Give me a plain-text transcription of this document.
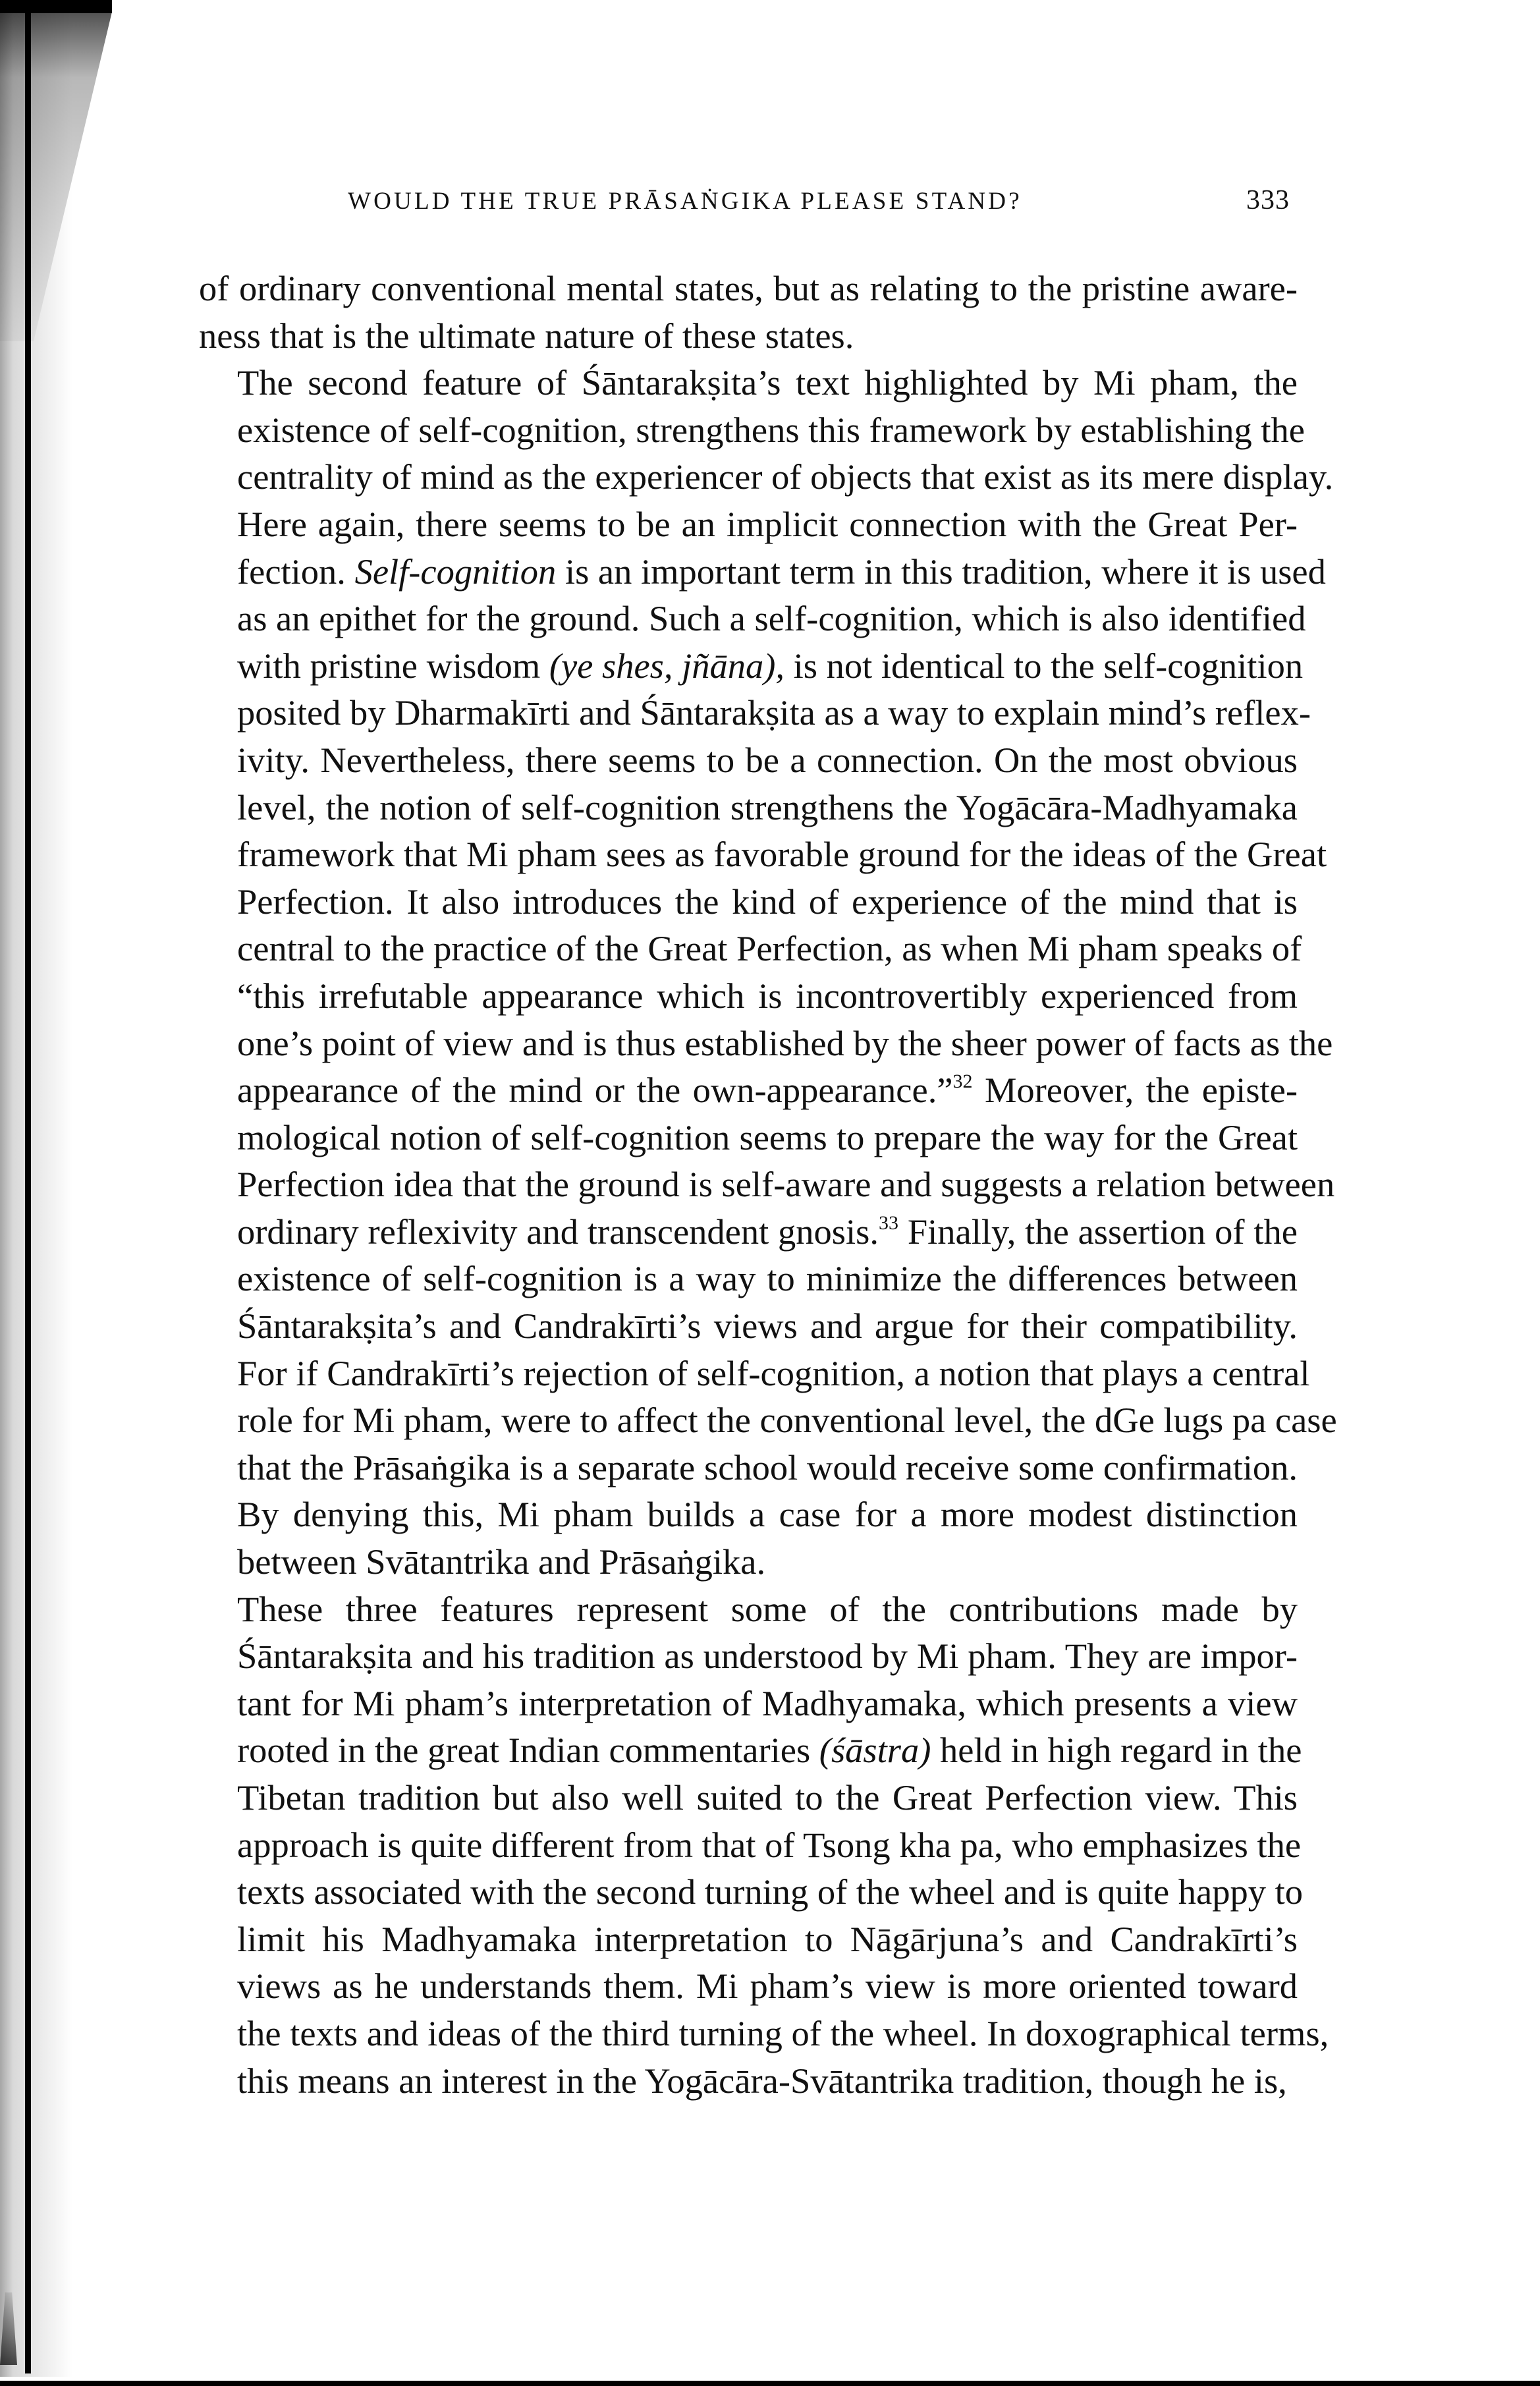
WOULD THE TRUE PRĀSAṄGIKA PLEASE STAND?	333

of ordinary conventional mental states, but as relating to the pristine aware-
ness that is the ultimate nature of these states.

The second feature of Śāntarakṣita’s text highlighted by Mi pham, the
existence of self-cognition, strengthens this framework by establishing the
centrality of mind as the experiencer of objects that exist as its mere display.
Here again, there seems to be an implicit connection with the Great Per-
fection. Self-cognition is an important term in this tradition, where it is used
as an epithet for the ground. Such a self-cognition, which is also identified
with pristine wisdom (ye shes, jñāna), is not identical to the self-cognition
posited by Dharmakīrti and Śāntarakṣita as a way to explain mind’s reflex-
ivity. Nevertheless, there seems to be a connection. On the most obvious
level, the notion of self-cognition strengthens the Yogācāra-Madhyamaka
framework that Mi pham sees as favorable ground for the ideas of the Great
Perfection. It also introduces the kind of experience of the mind that is
central to the practice of the Great Perfection, as when Mi pham speaks of
“this irrefutable appearance which is incontrovertibly experienced from
one’s point of view and is thus established by the sheer power of facts as the
appearance of the mind or the own-appearance.”$^{32}$ Moreover, the episte-
mological notion of self-cognition seems to prepare the way for the Great
Perfection idea that the ground is self-aware and suggests a relation between
ordinary reflexivity and transcendent gnosis.$^{33}$ Finally, the assertion of the
existence of self-cognition is a way to minimize the differences between
Śāntarakṣita’s and Candrakīrti’s views and argue for their compatibility.
For if Candrakīrti’s rejection of self-cognition, a notion that plays a central
role for Mi pham, were to affect the conventional level, the dGe lugs pa case
that the Prāsaṅgika is a separate school would receive some confirmation.
By denying this, Mi pham builds a case for a more modest distinction
between Svātantrika and Prāsaṅgika.

These three features represent some of the contributions made by
Śāntarakṣita and his tradition as understood by Mi pham. They are impor-
tant for Mi pham’s interpretation of Madhyamaka, which presents a view
rooted in the great Indian commentaries (śāstra) held in high regard in the
Tibetan tradition but also well suited to the Great Perfection view. This
approach is quite different from that of Tsong kha pa, who emphasizes the
texts associated with the second turning of the wheel and is quite happy to
limit his Madhyamaka interpretation to Nāgārjuna’s and Candrakīrti’s
views as he understands them. Mi pham’s view is more oriented toward
the texts and ideas of the third turning of the wheel. In doxographical terms,
this means an interest in the Yogācāra-Svātantrika tradition, though he is,
